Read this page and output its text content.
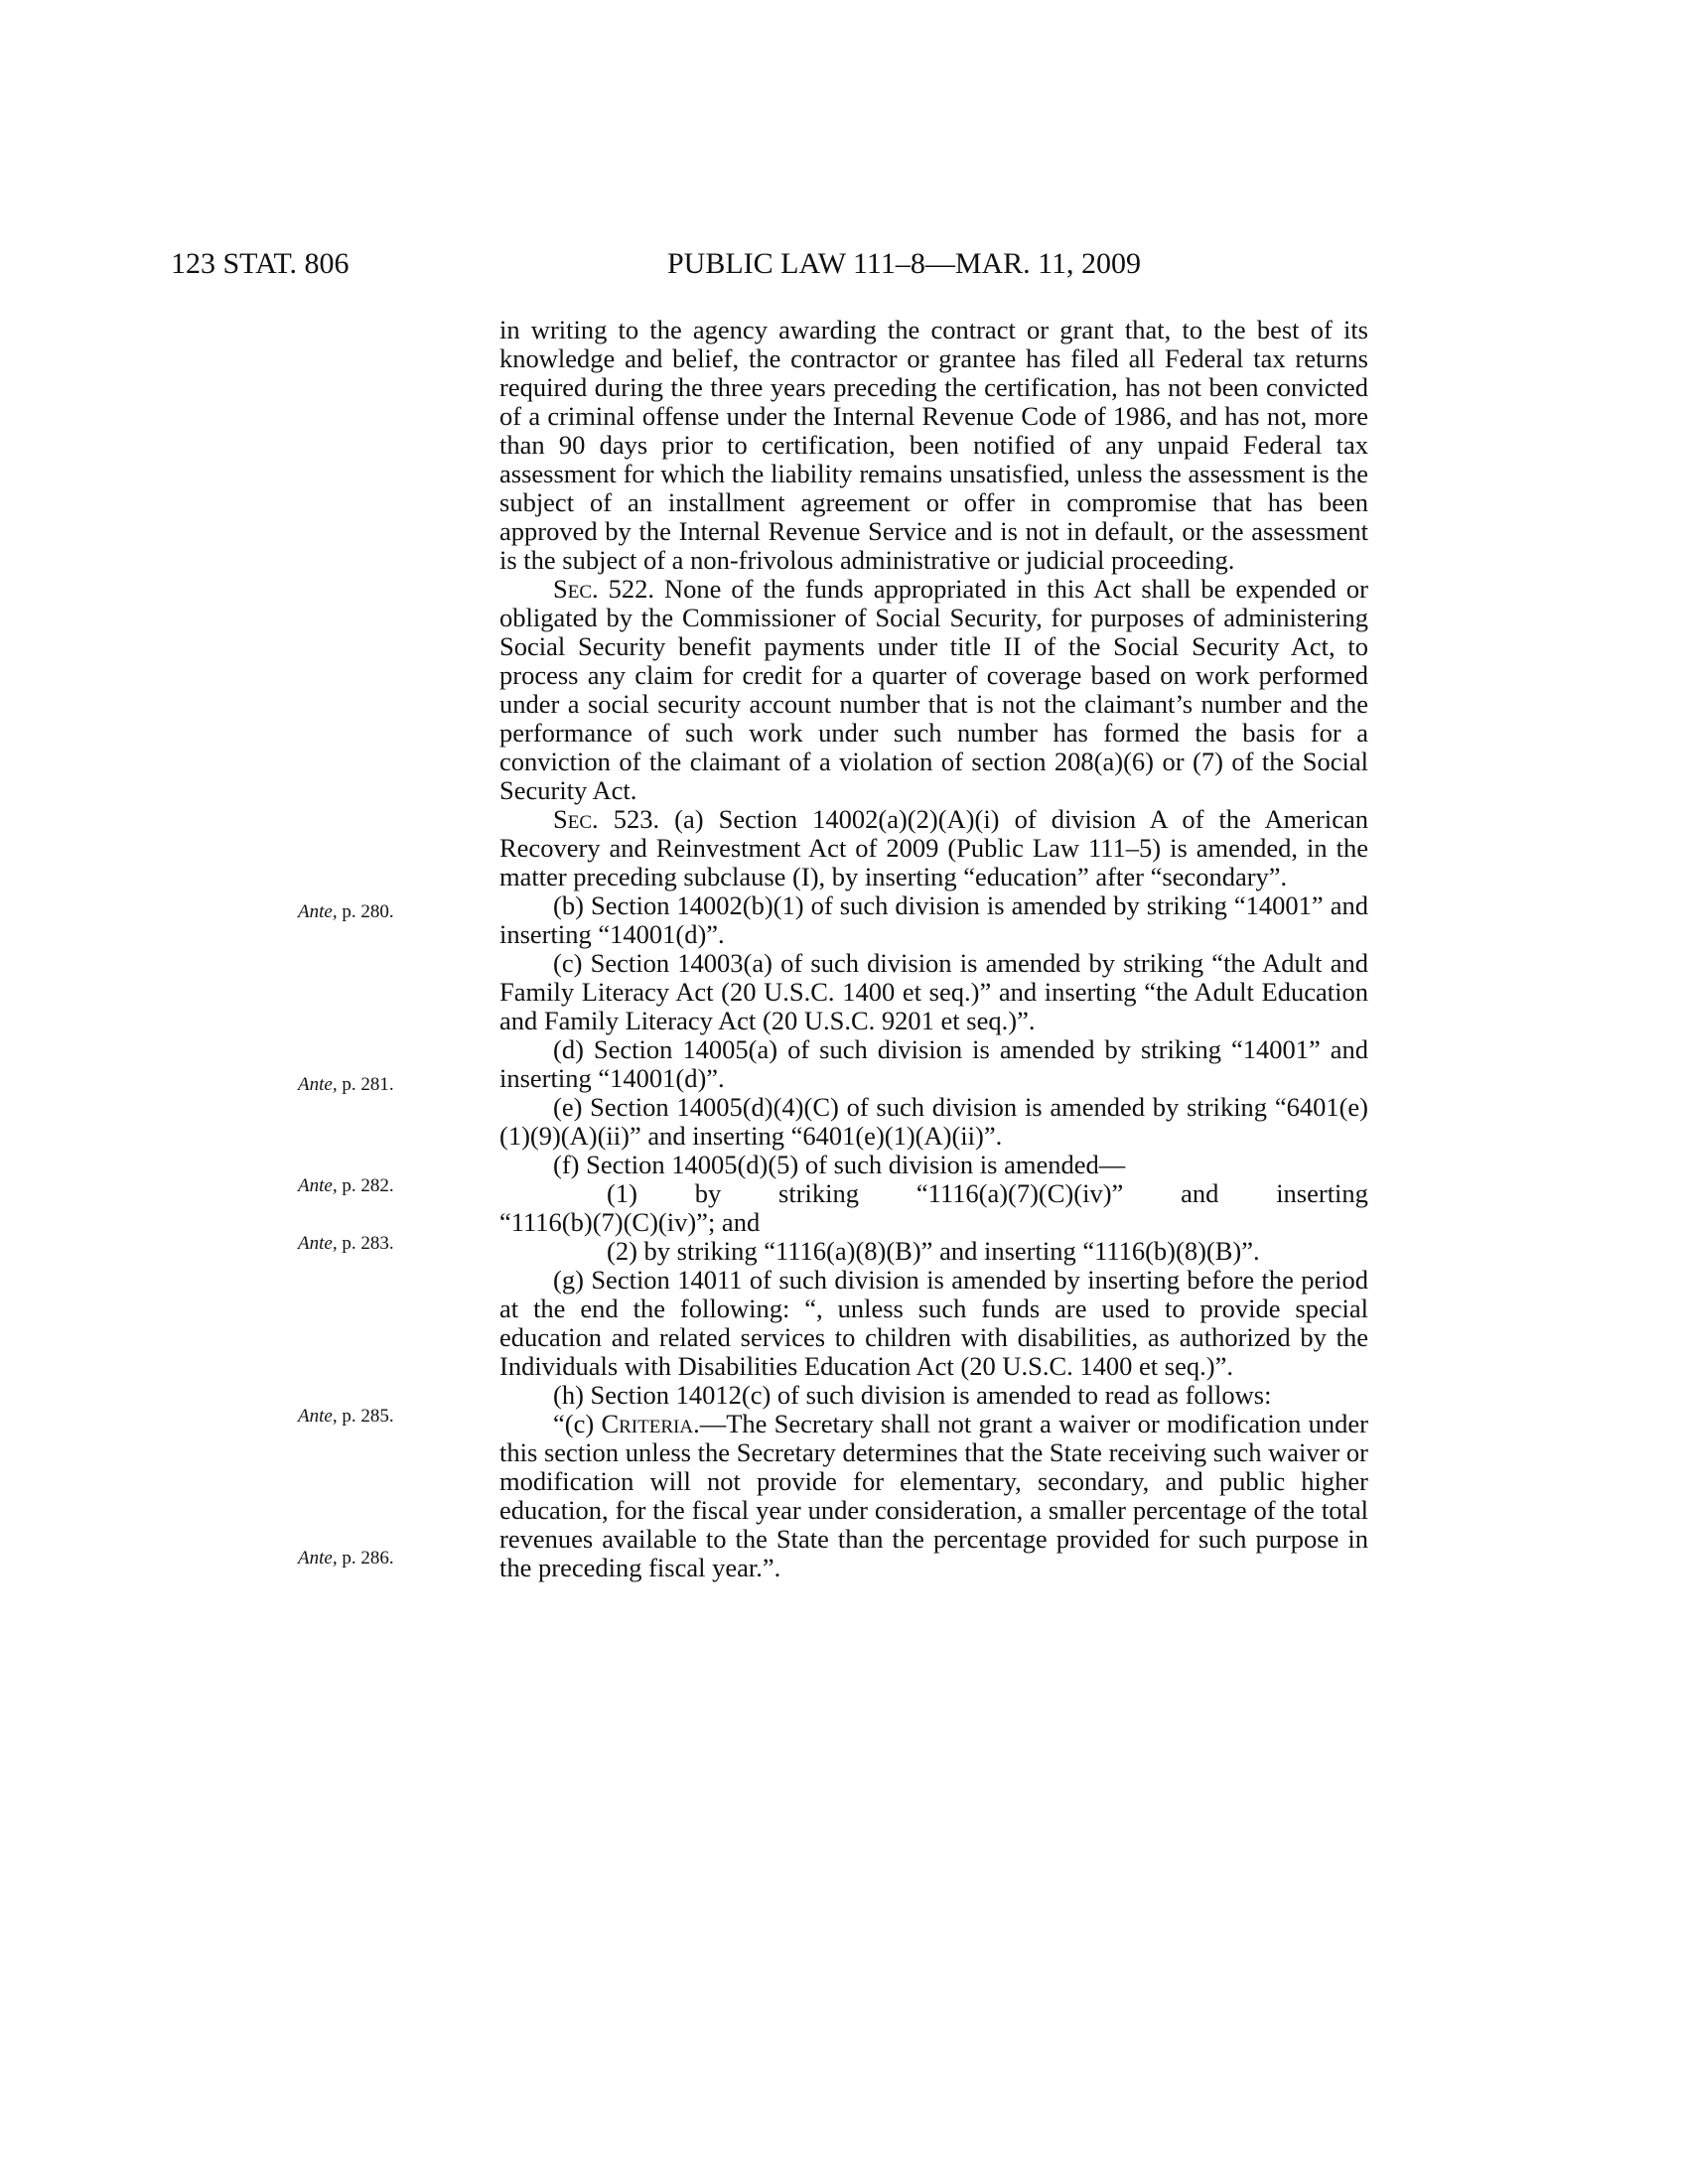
123 STAT. 806	PUBLIC LAW 111–8—MAR. 11, 2009
Ante, p. 280.
Ante, p. 281.
Ante, p. 282.
Ante, p. 283.
Ante, p. 285.
Ante, p. 286.

in writing to the agency awarding the contract or grant that, to the best of its knowledge and belief, the contractor or grantee has filed all Federal tax returns required during the three years preceding the certification, has not been convicted of a criminal offense under the Internal Revenue Code of 1986, and has not, more than 90 days prior to certification, been notified of any unpaid Federal tax assessment for which the liability remains unsatisfied, unless the assessment is the subject of an installment agreement or offer in compromise that has been approved by the Internal Revenue Service and is not in default, or the assessment is the subject of a non-frivolous administrative or judicial proceeding.

Sec. 522. None of the funds appropriated in this Act shall be expended or obligated by the Commissioner of Social Security, for purposes of administering Social Security benefit payments under title II of the Social Security Act, to process any claim for credit for a quarter of coverage based on work performed under a social security account number that is not the claimant’s number and the performance of such work under such number has formed the basis for a conviction of the claimant of a violation of section 208(a)(6) or (7) of the Social Security Act.

Sec. 523. (a) Section 14002(a)(2)(A)(i) of division A of the American Recovery and Reinvestment Act of 2009 (Public Law 111–5) is amended, in the matter preceding subclause (I), by inserting “education” after “secondary”.

(b) Section 14002(b)(1) of such division is amended by striking “14001” and inserting “14001(d)”.

(c) Section 14003(a) of such division is amended by striking “the Adult and Family Literacy Act (20 U.S.C. 1400 et seq.)” and inserting “the Adult Education and Family Literacy Act (20 U.S.C. 9201 et seq.)”.

(d) Section 14005(a) of such division is amended by striking “14001” and inserting “14001(d)”.

(e) Section 14005(d)(4)(C) of such division is amended by striking “6401(e)(1)(9)(A)(ii)” and inserting “6401(e)(1)(A)(ii)”.

(f) Section 14005(d)(5) of such division is amended—

(1) by striking “1116(a)(7)(C)(iv)” and inserting

“1116(b)(7)(C)(iv)”; and

(2) by striking “1116(a)(8)(B)” and inserting “1116(b)(8)(B)”.

(g) Section 14011 of such division is amended by inserting before the period at the end the following: “, unless such funds are used to provide special education and related services to children with disabilities, as authorized by the Individuals with Disabilities Education Act (20 U.S.C. 1400 et seq.)”.

(h) Section 14012(c) of such division is amended to read as follows:

“(c) Criteria.—The Secretary shall not grant a waiver or modification under this section unless the Secretary determines that the State receiving such waiver or modification will not provide for elementary, secondary, and public higher education, for the fiscal year under consideration, a smaller percentage of the total revenues available to the State than the percentage provided for such purpose in the preceding fiscal year.”.
